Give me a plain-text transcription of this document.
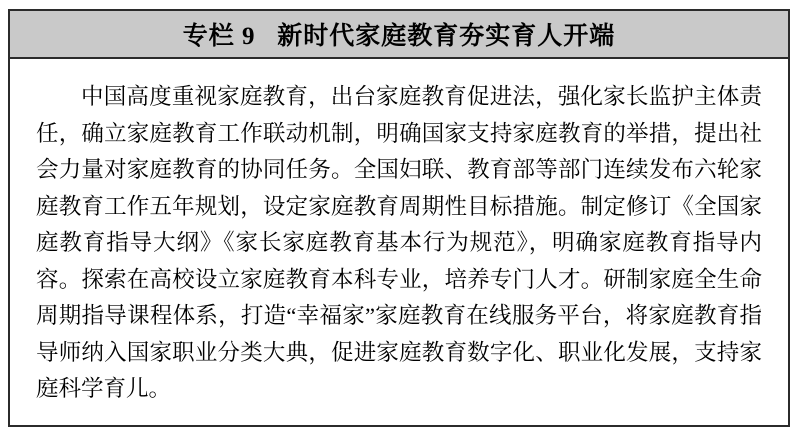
专栏 9   新时代家庭教育夯实育人开端

中国高度重视家庭教育，出台家庭教育促进法，强化家长监护主体责任，确立家庭教育工作联动机制，明确国家支持家庭教育的举措，提出社会力量对家庭教育的协同任务。全国妇联、教育部等部门连续发布六轮家庭教育工作五年规划，设定家庭教育周期性目标措施。制定修订《全国家庭教育指导大纲》《家长家庭教育基本行为规范》，明确家庭教育指导内容。探索在高校设立家庭教育本科专业，培养专门人才。研制家庭全生命周期指导课程体系，打造“幸福家”家庭教育在线服务平台，将家庭教育指导师纳入国家职业分类大典，促进家庭教育数字化、职业化发展，支持家庭科学育儿。
